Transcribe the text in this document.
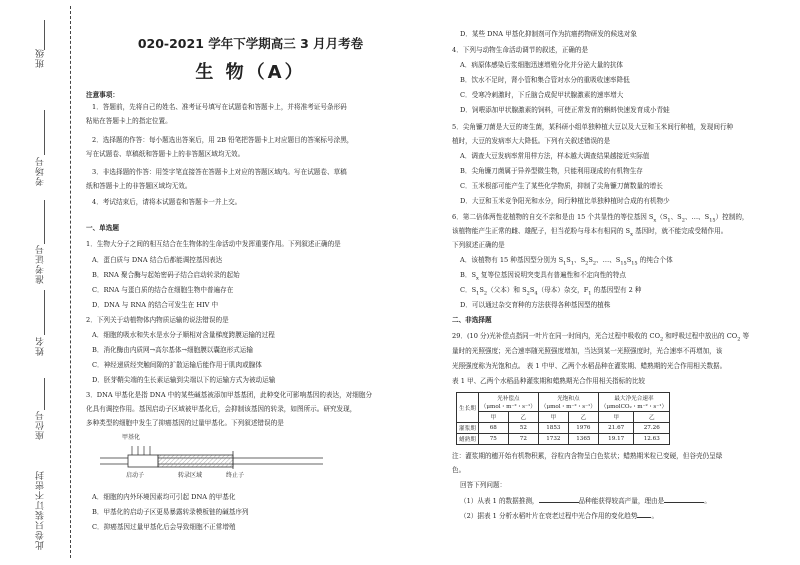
班级
考场号
准考证号
姓名
座位号
此卷只装订不密封
020-2021 学年下学期高三 3 月月考卷
生 物（A）
注意事项：
1．答题前，先将自己的姓名、准考证号填写在试题卷和答题卡上，并将准考证号条形码
粘贴在答题卡上的指定位置。
2．选择题的作答：每小题选出答案后，用 2B 铅笔把答题卡上对应题目的答案标号涂黑，
写在试题卷、草稿纸和答题卡上的非答题区域均无效。
3．非选择题的作答：用签字笔直接答在答题卡上对应的答题区域内。写在试题卷、草稿
纸和答题卡上的非答题区域均无效。
4．考试结束后，请将本试题卷和答题卡一并上交。
一、单选题
1．生物大分子之间的相互结合在生物体的生命活动中发挥重要作用。下列叙述正确的是
A．蛋白质与 DNA 结合后都能调控基因表达
B．RNA 聚合酶与起始密码子结合启动转录的起始
C．RNA 与蛋白质的结合在细胞生物中普遍存在
D．DNA 与 RNA 的结合可发生在 HIV 中
2．下列关于动植物体内物质运输的说法错误的是
A．细胞的吸水和失水是水分子顺相对含量梯度跨膜运输的过程
B．消化酶由内质网→高尔基体→细胞膜以囊泡形式运输
C．神经递质经突触间隙的扩散运输后能作用于肌肉或腺体
D．胚芽鞘尖端的生长素运输到尖端以下的运输方式为被动运输
3．DNA 甲基化是指 DNA 中的某些碱基被添加甲基基团，此种变化可影响基因的表达，对细胞分
化具有调控作用。基因启动子区域被甲基化后，会抑制该基因的转录，如图所示。研究发现，
多种类型的细胞中发生了抑癌基因的过量甲基化。下列叙述错误的是
甲基化
启动子	转录区域	终止子
A．细胞的内外环境因素均可引起 DNA 的甲基化
B．甲基化的启动子区更易暴露转录模板链的碱基序列
C．抑癌基因过量甲基化后会导致细胞不正常增殖
D．某些 DNA 甲基化抑制剂可作为抗癌药物研发的候选对象
4．下列与动物生命活动调节的叙述，正确的是
A．病原体感染后浆细胞迅速增殖分化并分泌大量的抗体
B．饮水不足时，肾小管和集合管对水分的重吸收速率降低
C．受寒冷刺激时，下丘脑合成促甲状腺激素的速率增大
D．饲喂添加甲状腺激素的饲料，可使正常发育的蝌蚪快速发育成小青蛙
5．尖角镰刀菌是大豆的寄生菌，某科研小组单独种植大豆以及大豆和玉米间行种植，发现间行种
植时，大豆的发病率大大降低。下列有关叙述错误的是
A．调查大豆发病率常用样方法，样本越大调查结果越接近实际值
B．尖角镰刀菌属于异养型微生物，只能利用现成的有机物生存
C．玉米根部可能产生了某些化学物质，抑制了尖角镰刀菌数量的增长
D．大豆和玉米竞争阳光和水分，间行种植比单独种植时合成的有机物少
6．第二倍体两性花植物的自交不亲和是由 15 个共显性的等位基因 $S_x(S_1$、$S_2$、…、$S_{15}$）控制的，
该植物能产生正常的雌、雄配子，但当花粉与母本有相同的 $S_x$ 基因时，就不能完成受精作用。
下列叙述正确的是
A．该植物有 15 种基因型分别为 $S_1S_1$、$S_2S_2$、…、$S_{15}S_{15}$ 的纯合个体
B．$S_x$ 复等位基因说明突变具有普遍性和不定向性的特点
C．$S_1S_2$（父本）和 $S_2S_4$（母本）杂交，$F_1$ 的基因型有 2 种
D．可以通过杂交育种的方法获得各种基因型的植株
二、非选择题
29．(10 分)光补偿点指同一叶片在同一时间内，光合过程中吸收的 $CO_2$ 和呼吸过程中放出的 $CO_2$ 等
量时的光照强度；光合速率随光照强度增加，当达到某一光照强度时，光合速率不再增加，该
光照强度称为光饱和点。 表 1 中甲、乙两个水稻品种在灌浆期、蜡熟期的光合作用相关数据。
表 1 甲、乙两个水稻品种灌浆期和蜡熟期光合作用相关指标的比较
生长期	光补偿点
（μmol・m⁻²・s⁻¹）		光饱和点
（μmol・m⁻²・s⁻¹）		最大净光合速率
（μmolCO₂・m⁻²・s⁻¹）	
	甲	乙	甲	乙	甲	乙
灌浆期	68	52	1853	1976	21.67	27.26
蜡熟期	75	72	1732	1365	19.17	12.63
注：灌浆期的穗开始有机物积累，谷粒内含物呈白色浆状；蜡熟期米粒已变硬，但谷壳仍呈绿
色。
回答下列问题：
（1）从表 1 的数据推测，	品种能获得较高产量，理由是	。
（2）据表 1 分析水稻叶片在衰老过程中光合作用的变化趋势 。
